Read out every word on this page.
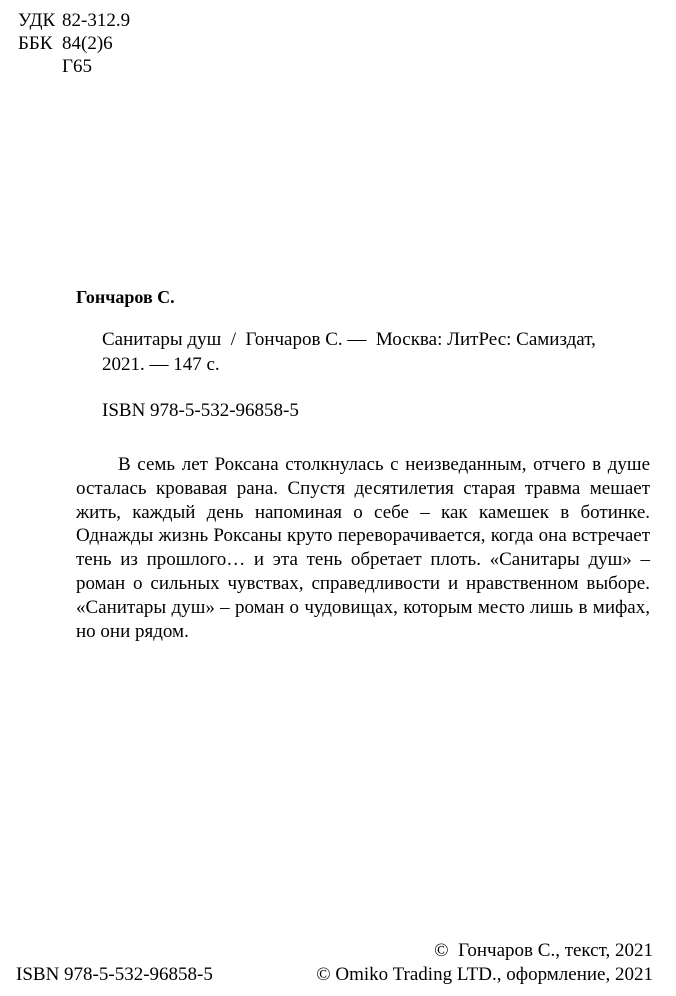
УДК 82-312.9
ББК 84(2)6
Г65
Гончаров С.
Санитары душ  /  Гончаров С. —  Москва: ЛитРес: Самиздат,
2021. — 147 с.
ISBN 978-5-532-96858-5
В семь лет Роксана столкнулась с неизведанным, отчего в душе осталась кровавая рана. Спустя десятилетия старая травма мешает жить, каждый день напоминая о себе – как камешек в ботинке. Однажды жизнь Роксаны круто переворачивается, когда она встречает тень из прошлого… и эта тень обретает плоть. «Санитары душ» – роман о сильных чувствах, справедливости и нравственном выборе. «Санитары душ» – роман о чудовищах, которым место лишь в мифах, но они рядом.
ISBN 978-5-532-96858-5
©  Гончаров С., текст, 2021
© Omiko Trading LTD., оформление, 2021
